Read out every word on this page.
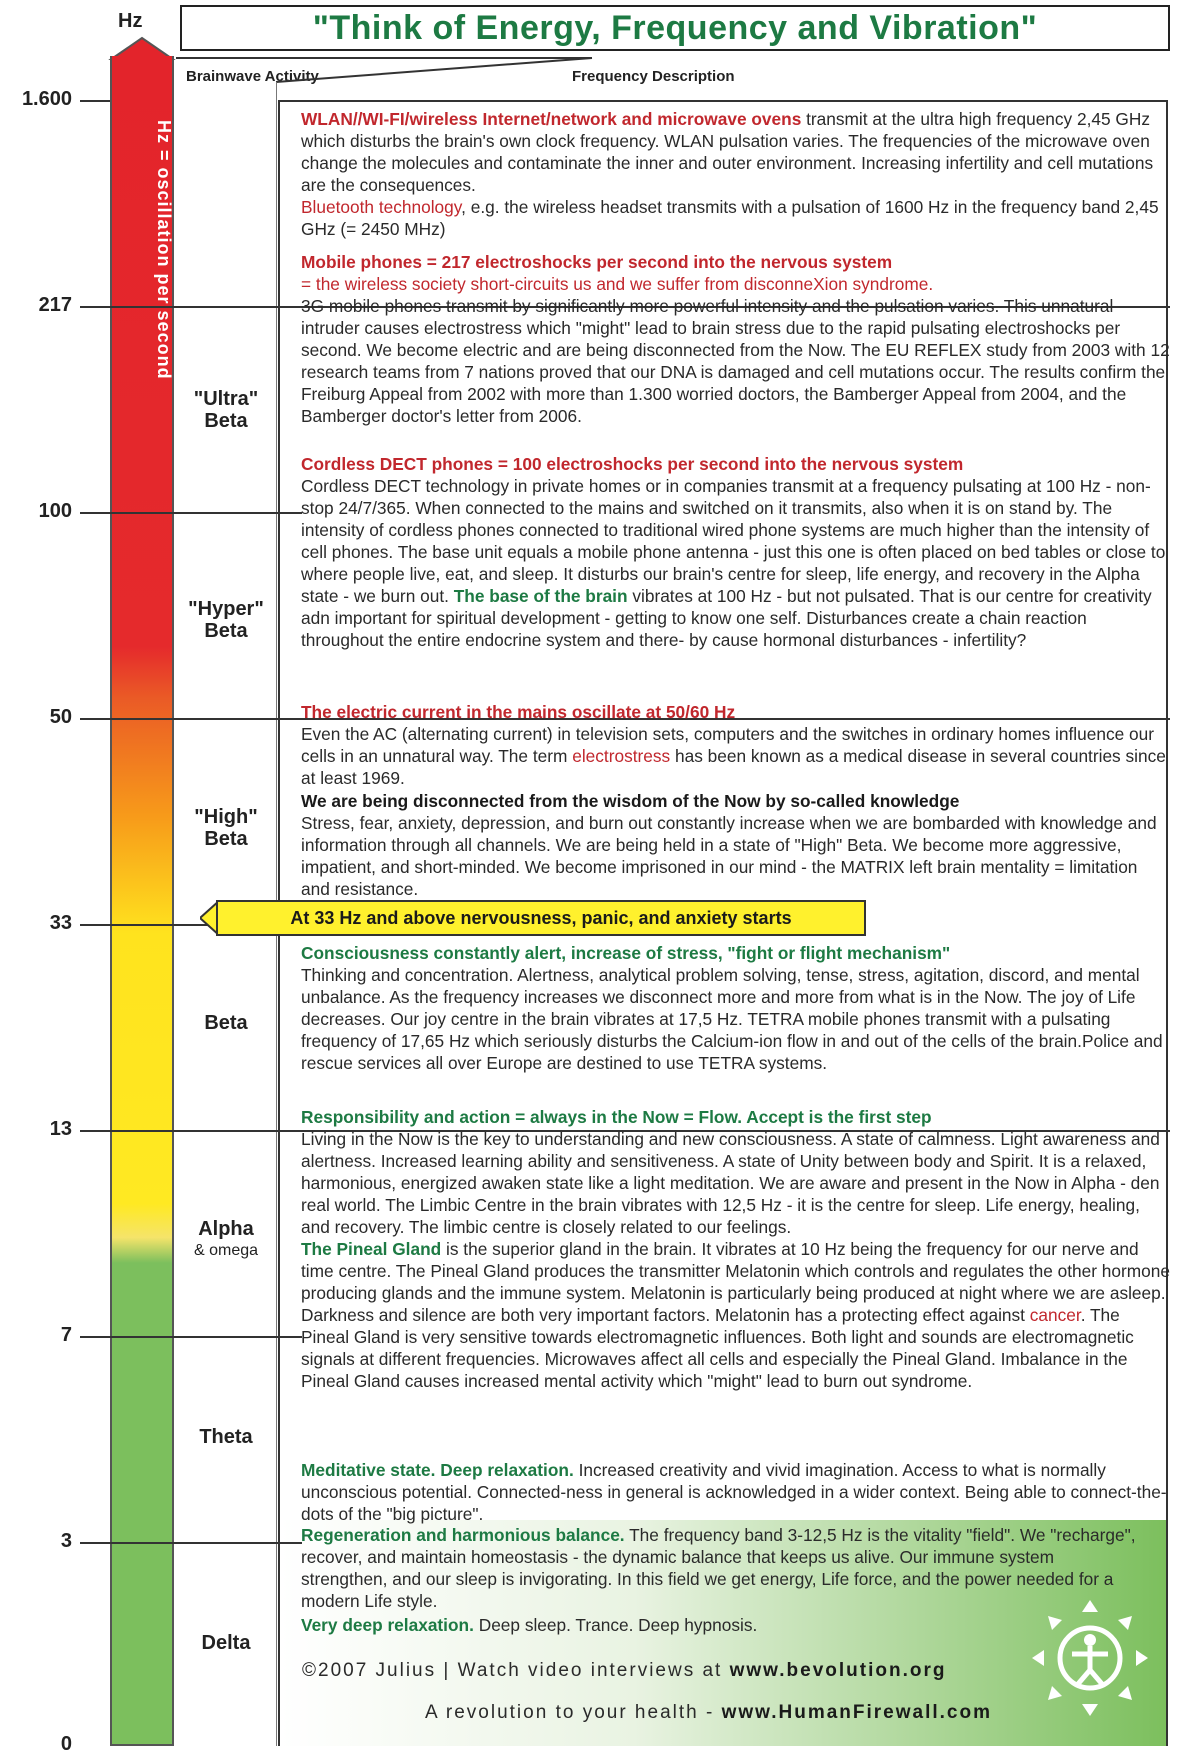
Hz	"Think of Energy, Frequency and Vibration"
Brainwave Activity	Frequency Description
Hz = oscillation per second
1.600
217
100
50
33
13
7
3
0
"Ultra" Beta
"Hyper" Beta
"High" Beta
Beta
Alpha
& omega
Theta
Delta
At 33 Hz and above nervousness, panic, and anxiety starts
WLAN//WI-FI/wireless Internet/network and microwave ovens transmit at the ultra high frequency 2,45 GHz which disturbs the brain's own clock frequency. WLAN pulsation varies. The frequencies of the microwave oven change the molecules and contaminate the inner and outer environment. Increasing infertility and cell mutations are the consequences.
Bluetooth technology, e.g. the wireless headset transmits with a pulsation of 1600 Hz in the frequency band 2,45 GHz (= 2450 MHz)
Mobile phones = 217 electroshocks per second into the nervous system
= the wireless society short-circuits us and we suffer from disconneXion syndrome.
3G mobile phones transmit by significantly more powerful intensity and the pulsation varies. This unnatural intruder causes electrostress which "might" lead to brain stress due to the rapid pulsating electroshocks per second. We become electric and are being disconnected from the Now. The EU REFLEX study from 2003 with 12 research teams from 7 nations proved that our DNA is damaged and cell mutations occur. The results confirm the Freiburg Appeal from 2002 with more than 1.300 worried doctors, the Bamberger Appeal from 2004, and the Bamberger doctor's letter from 2006.
Cordless DECT phones = 100 electroshocks per second into the nervous system
Cordless DECT technology in private homes or in companies transmit at a frequency pulsating at 100 Hz - non-stop 24/7/365. When connected to the mains and switched on it transmits, also when it is on stand by. The intensity of cordless phones connected to traditional wired phone systems are much higher than the intensity of cell phones. The base unit equals a mobile phone antenna - just this one is often placed on bed tables or close to where people live, eat, and sleep. It disturbs our brain's centre for sleep, life energy, and recovery in the Alpha state - we burn out. The base of the brain vibrates at 100 Hz - but not pulsated. That is our centre for creativity adn important for spiritual development - getting to know one self. Disturbances create a chain reaction throughout the entire endocrine system and there- by cause hormonal disturbances - infertility?
The electric current in the mains oscillate at 50/60 Hz
Even the AC (alternating current) in television sets, computers and the switches in ordinary homes influence our cells in an unnatural way. The term electrostress has been known as a medical disease in several countries since at least 1969.
We are being disconnected from the wisdom of the Now by so-called knowledge
Stress, fear, anxiety, depression, and burn out constantly increase when we are bombarded with knowledge and information through all channels. We are being held in a state of "High" Beta. We become more aggressive, impatient, and short-minded. We become imprisoned in our mind - the MATRIX left brain mentality = limitation and resistance.
Consciousness constantly alert, increase of stress, "fight or flight mechanism"
Thinking and concentration. Alertness, analytical problem solving, tense, stress, agitation, discord, and mental unbalance. As the frequency increases we disconnect more and more from what is in the Now. The joy of Life decreases. Our joy centre in the brain vibrates at 17,5 Hz. TETRA mobile phones transmit with a pulsating frequency of 17,65 Hz which seriously disturbs the Calcium-ion flow in and out of the cells of the brain.Police and rescue services all over Europe are destined to use TETRA systems.
Responsibility and action = always in the Now = Flow. Accept is the first step
Living in the Now is the key to understanding and new consciousness. A state of calmness. Light awareness and alertness. Increased learning ability and sensitiveness. A state of Unity between body and Spirit. It is a relaxed, harmonious, energized awaken state like a light meditation. We are aware and present in the Now in Alpha - den real world. The Limbic Centre in the brain vibrates with 12,5 Hz - it is the centre for sleep. Life energy, healing, and recovery. The limbic centre is closely related to our feelings.
The Pineal Gland is the superior gland in the brain. It vibrates at 10 Hz being the frequency for our nerve and time centre. The Pineal Gland produces the transmitter Melatonin which controls and regulates the other hormone producing glands and the immune system. Melatonin is particularly being produced at night where we are asleep. Darkness and silence are both very important factors. Melatonin has a protecting effect against cancer. The Pineal Gland is very sensitive towards electromagnetic influences. Both light and sounds are electromagnetic signals at different frequencies. Microwaves affect all cells and especially the Pineal Gland. Imbalance in the Pineal Gland causes increased mental activity which "might" lead to burn out syndrome.
Meditative state. Deep relaxation. Increased creativity and vivid imagination. Access to what is normally unconscious potential. Connected-ness in general is acknowledged in a wider context. Being able to connect-the-dots of the "big picture".
Regeneration and harmonious balance. The frequency band 3-12,5 Hz is the vitality "field". We "recharge", recover, and maintain homeostasis - the dynamic balance that keeps us alive. Our immune system strengthen, and our sleep is invigorating. In this field we get energy, Life force, and the power needed for a modern Life style.
Very deep relaxation. Deep sleep. Trance. Deep hypnosis.
©2007 Julius | Watch video interviews at www.bevolution.org
A revolution to your health - www.HumanFirewall.com
